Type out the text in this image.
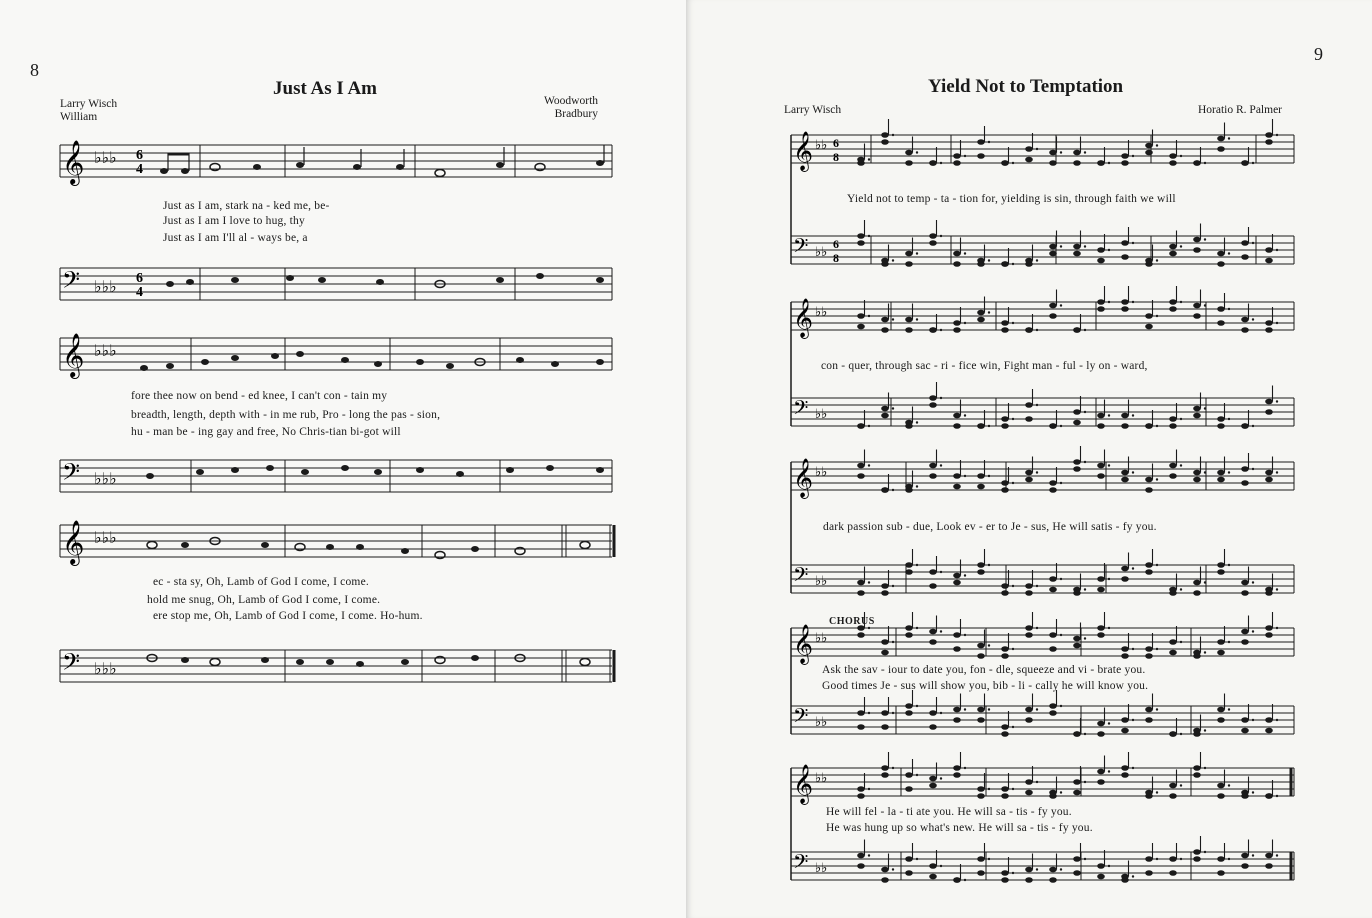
8
Just As I Am
Larry Wisch
William
Woodworth
Bradbury
𝄞 ♭♭♭ 6
4
Just as I am, stark na - ked me, be-
Just as I am I love to hug, thy
Just as I am I'll al - ways be, a
𝄢 ♭♭♭ 6
4
𝄞 ♭♭♭
fore thee now on bend - ed knee, I can't con - tain my
breadth, length, depth with - in me rub, Pro - long the pas - sion,
hu - man be - ing gay and free, No Chris-tian bi-got will
𝄢 ♭♭♭
𝄞 ♭♭♭
ec - sta sy, Oh, Lamb of God I come, I come.
hold me snug, Oh, Lamb of God I come, I come.
ere stop me, Oh, Lamb of God I come, I come. Ho-hum.
𝄢 ♭♭♭
9
Yield Not to Temptation
Larry Wisch	Horatio R. Palmer
𝄞 ♭♭ 6
8
𝄢 ♭♭
6
8
𝄞 ♭♭
𝄢 ♭♭
𝄞 ♭♭
𝄢 ♭♭
𝄞 ♭♭
𝄢 ♭♭
𝄞 ♭♭
𝄢 ♭♭
Yield not to temp - ta - tion for, yielding is sin, through faith we will
con - quer, through sac - ri - fice win, Fight man - ful - ly on - ward,
dark passion sub - due, Look ev - er to Je - sus, He will satis - fy you.
CHORUS
Ask the sav - iour to date you, fon - dle, squeeze and vi - brate you.
Good times Je - sus will show you, bib - li - cally he will know you.
He will fel - la - ti ate you. He will sa - tis - fy you.
He was hung up so what's new. He will sa - tis - fy you.
